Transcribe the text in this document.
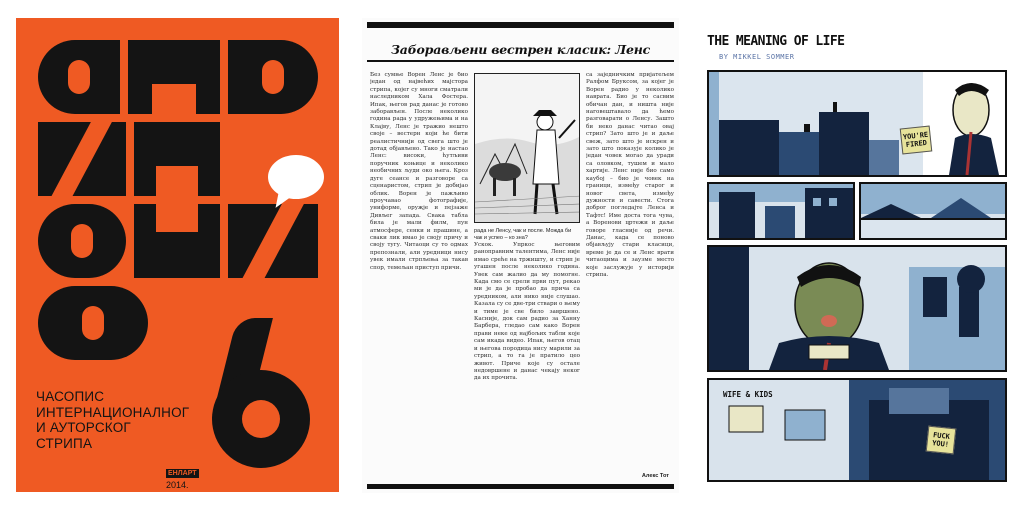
ЧАСОПИС
ИНТЕРНАЦИОНАЛНОГ
И АУТОРСКОГ
СТРИПА
ЕНЛАРТ
2014.
Заборављени вестрен класик: Ленс
Без сумње Ворен Ленс је био један од највећих мајстора стрипа, којег су многи сматрали наследником Хала Фостера. Ипак, његов рад данас је готово заборављен. После неколико година рада у удружењима и на Клајву, Ленс је тражио нешто своје – вестерн који ће бити реалистичнији од свега што је дотад објављено. Тако је настао Ленс: високи, ћутљиви поручник коњице и неколико необичних људи око њега. Кроз дуге сеансе и разговоре са сценаристом, стрип је добијао облик. Ворен је пажљиво проучавао фотографије, униформе, оружје и пејзаже Дивљег запада. Свака табла била је мали филм, пун атмосфере, сенки и прашине, а сваки лик имао је своју причу и своју тугу. Читаоци су то одмах препознали, али уредници нису увек имали стрпљења за такав спор, темељан приступ причи.
рада не Ленсу, чак и после. Можда би чак и успео – ко зна?
Ускок. Упркос његовим раноправним талентима, Ленс није имао среће на тржишту, и стрип је угашен после неколико година. Увек сам жалио да му помогне. Када смо се срели први пут, рекао ми је да је пробао да прича са уредником, али нико није слушао. Казала су се две-три ствари о њему и тиме је све било завршено. Касније, док сам радио за Ханну Барбера, гледао сам како Ворен прави неке од најбољих табли које сам икада видео. Ипак, његов отац и његова породица нису марили за стрип, а то га је пратило цео живот. Приче које су остале недовршене и данас чекају неког да их прочита.
са заједничким пријатељем Ралфом Бруксом, за којег је Ворен радио у неколико наврата. Био је то сасвим обичан дан, и ништа није наговештавало да ћемо разговарати о Ленсу. Зашто би неко данас читао овај стрип? Зато што је и даље свеж, зато што је искрен и зато што показује колико је један човек могао да уради са оловком, тушем и мало хартије. Ленс није био само каубој – био је човек на граници, између старог и новог света, између дужности и савести. Стога доброг погледајте Ленса и Тафтс! Име доста тога чува, а Воренови цртежи и даље говоре гласније од речи. Данас, када се поново објављују стари класици, време је да се и Ленс врати читаоцима и заузме место које заслужује у историји стрипа.
Алекс Тот
THE MEANING OF LIFE
BY MIKKEL SOMMER
YOU'RE FIRED
WIFE & KIDS
FUCK YOU!
